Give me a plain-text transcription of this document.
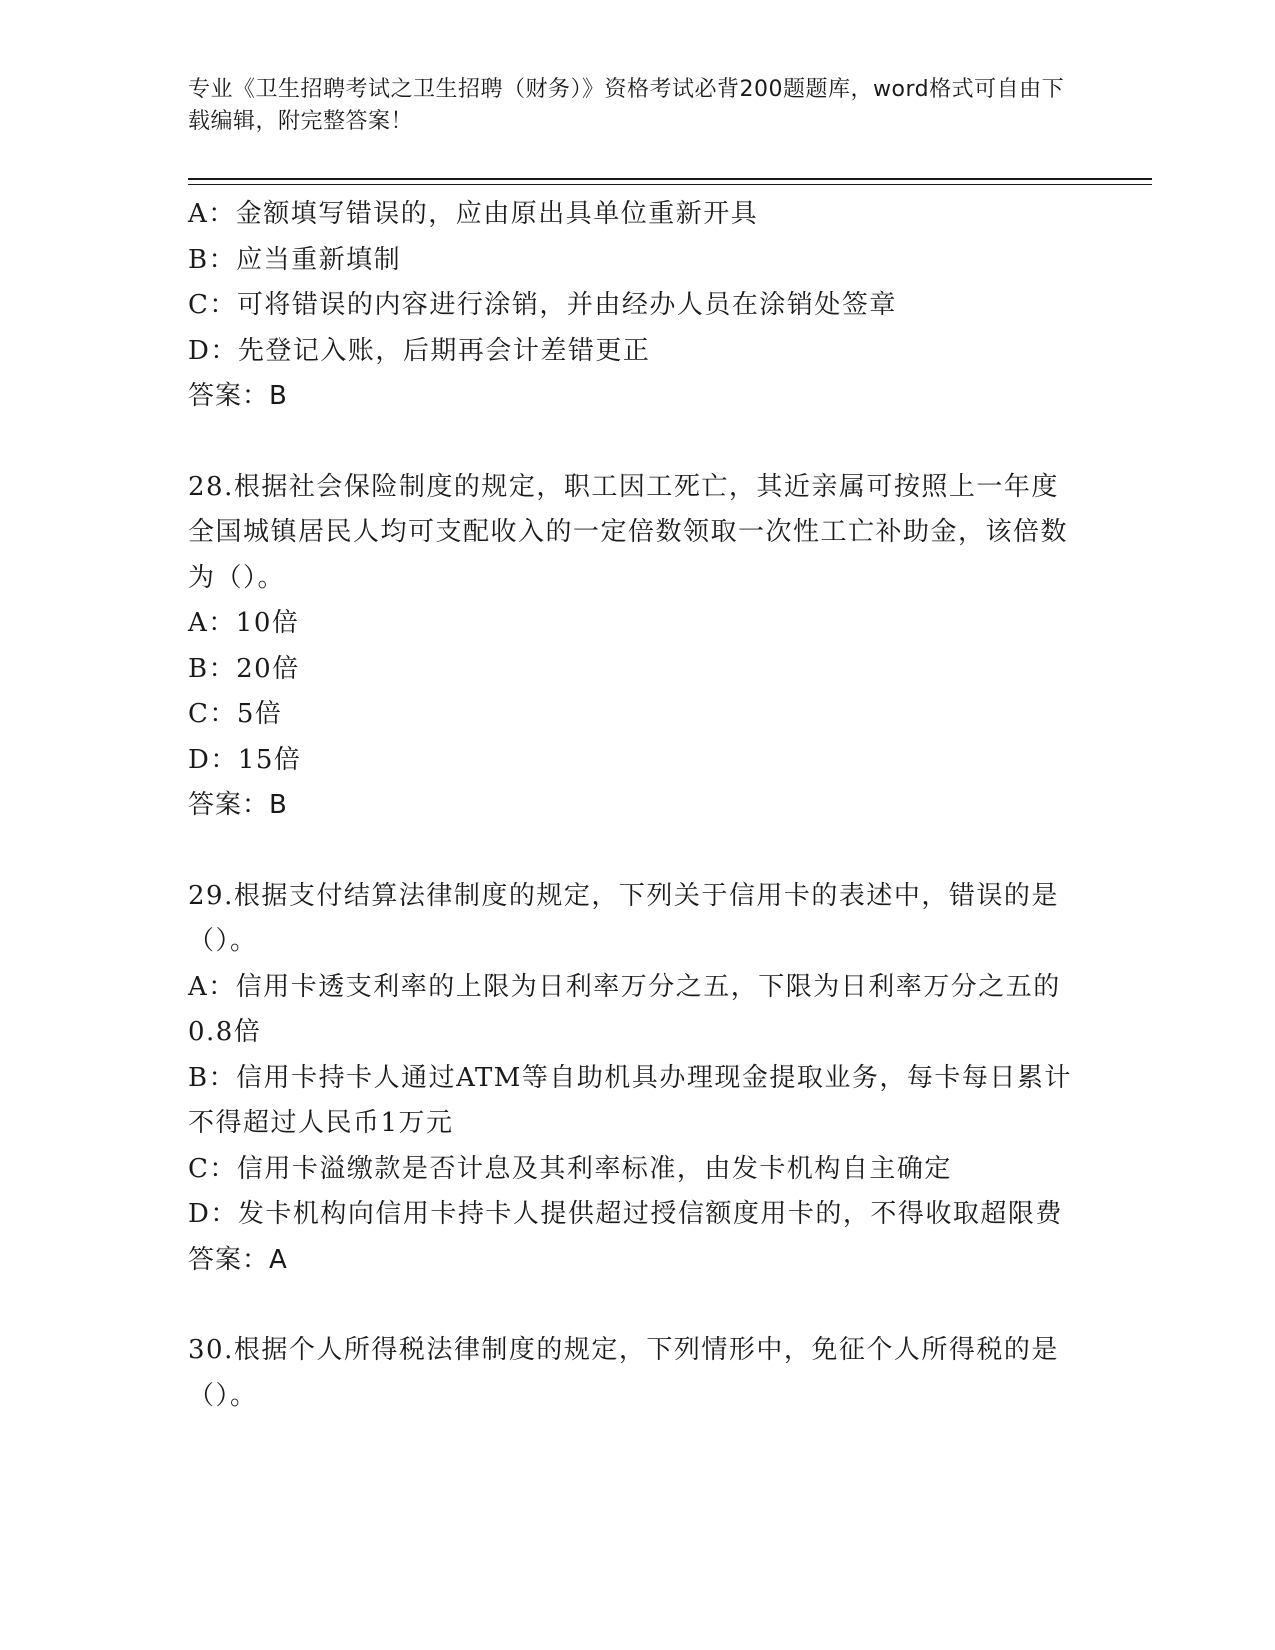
专业《卫生招聘考试之卫生招聘（财务）》资格考试必背200题题库，word格式可自由下载编辑，附完整答案！
A：金额填写错误的，应由原出具单位重新开具
B：应当重新填制
C：可将错误的内容进行涂销，并由经办人员在涂销处签章
D：先登记入账，后期再会计差错更正
答案：B
28.根据社会保险制度的规定，职工因工死亡，其近亲属可按照上一年度全国城镇居民人均可支配收入的一定倍数领取一次性工亡补助金，该倍数为（）。
A：10倍
B：20倍
C：5倍
D：15倍
答案：B
29.根据支付结算法律制度的规定，下列关于信用卡的表述中，错误的是（）。
A：信用卡透支利率的上限为日利率万分之五，下限为日利率万分之五的0.8倍
B：信用卡持卡人通过ATM等自助机具办理现金提取业务，每卡每日累计不得超过人民币1万元
C：信用卡溢缴款是否计息及其利率标准，由发卡机构自主确定
D：发卡机构向信用卡持卡人提供超过授信额度用卡的，不得收取超限费
答案：A
30.根据个人所得税法律制度的规定，下列情形中，免征个人所得税的是（）。
